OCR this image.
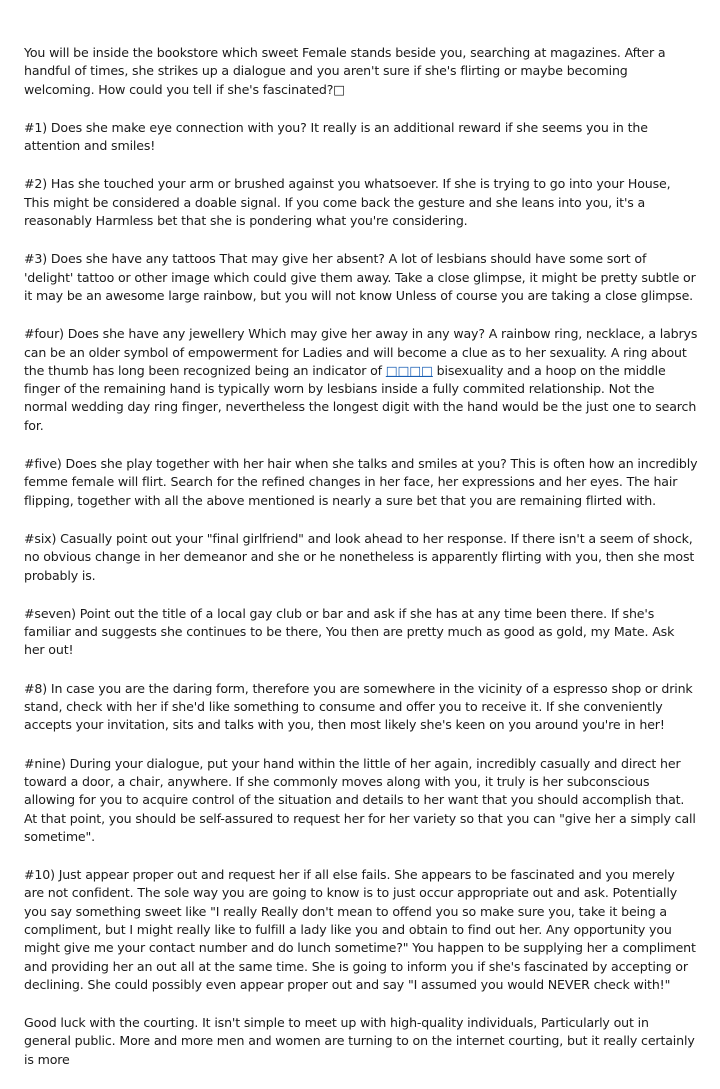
You will be inside the bookstore which sweet Female stands beside you, searching at magazines. After a handful of times, she strikes up a dialogue and you aren't sure if she's flirting or maybe becoming welcoming. How could you tell if she's fascinated?□

#1) Does she make eye connection with you? It really is an additional reward if she seems you in the attention and smiles!

#2) Has she touched your arm or brushed against you whatsoever. If she is trying to go into your House, This might be considered a doable signal. If you come back the gesture and she leans into you, it's a reasonably Harmless bet that she is pondering what you're considering.

#3) Does she have any tattoos That may give her absent? A lot of lesbians should have some sort of 'delight' tattoo or other image which could give them away. Take a close glimpse, it might be pretty subtle or it may be an awesome large rainbow, but you will not know Unless of course you are taking a close glimpse.

#four) Does she have any jewellery Which may give her away in any way? A rainbow ring, necklace, a labrys can be an older symbol of empowerment for Ladies and will become a clue as to her sexuality. A ring about the thumb has long been recognized being an indicator of □□□□ bisexuality and a hoop on the middle finger of the remaining hand is typically worn by lesbians inside a fully commited relationship. Not the normal wedding day ring finger, nevertheless the longest digit with the hand would be the just one to search for.

#five) Does she play together with her hair when she talks and smiles at you? This is often how an incredibly femme female will flirt. Search for the refined changes in her face, her expressions and her eyes. The hair flipping, together with all the above mentioned is nearly a sure bet that you are remaining flirted with.

#six) Casually point out your "final girlfriend" and look ahead to her response. If there isn't a seem of shock, no obvious change in her demeanor and she or he nonetheless is apparently flirting with you, then she most probably is.

#seven) Point out the title of a local gay club or bar and ask if she has at any time been there. If she's familiar and suggests she continues to be there, You then are pretty much as good as gold, my Mate. Ask her out!

#8) In case you are the daring form, therefore you are somewhere in the vicinity of a espresso shop or drink stand, check with her if she'd like something to consume and offer you to receive it. If she conveniently accepts your invitation, sits and talks with you, then most likely she's keen on you around you're in her!

#nine) During your dialogue, put your hand within the little of her again, incredibly casually and direct her toward a door, a chair, anywhere. If she commonly moves along with you, it truly is her subconscious allowing for you to acquire control of the situation and details to her want that you should accomplish that. At that point, you should be self-assured to request her for her variety so that you can "give her a simply call sometime".

#10) Just appear proper out and request her if all else fails. She appears to be fascinated and you merely are not confident. The sole way you are going to know is to just occur appropriate out and ask. Potentially you say something sweet like "I really Really don't mean to offend you so make sure you, take it being a compliment, but I might really like to fulfill a lady like you and obtain to find out her. Any opportunity you might give me your contact number and do lunch sometime?" You happen to be supplying her a compliment and providing her an out all at the same time. She is going to inform you if she's fascinated by accepting or declining. She could possibly even appear proper out and say "I assumed you would NEVER check with!"

Good luck with the courting. It isn't simple to meet up with high-quality individuals, Particularly out in general public. More and more men and women are turning to on the internet courting, but it really certainly is more
